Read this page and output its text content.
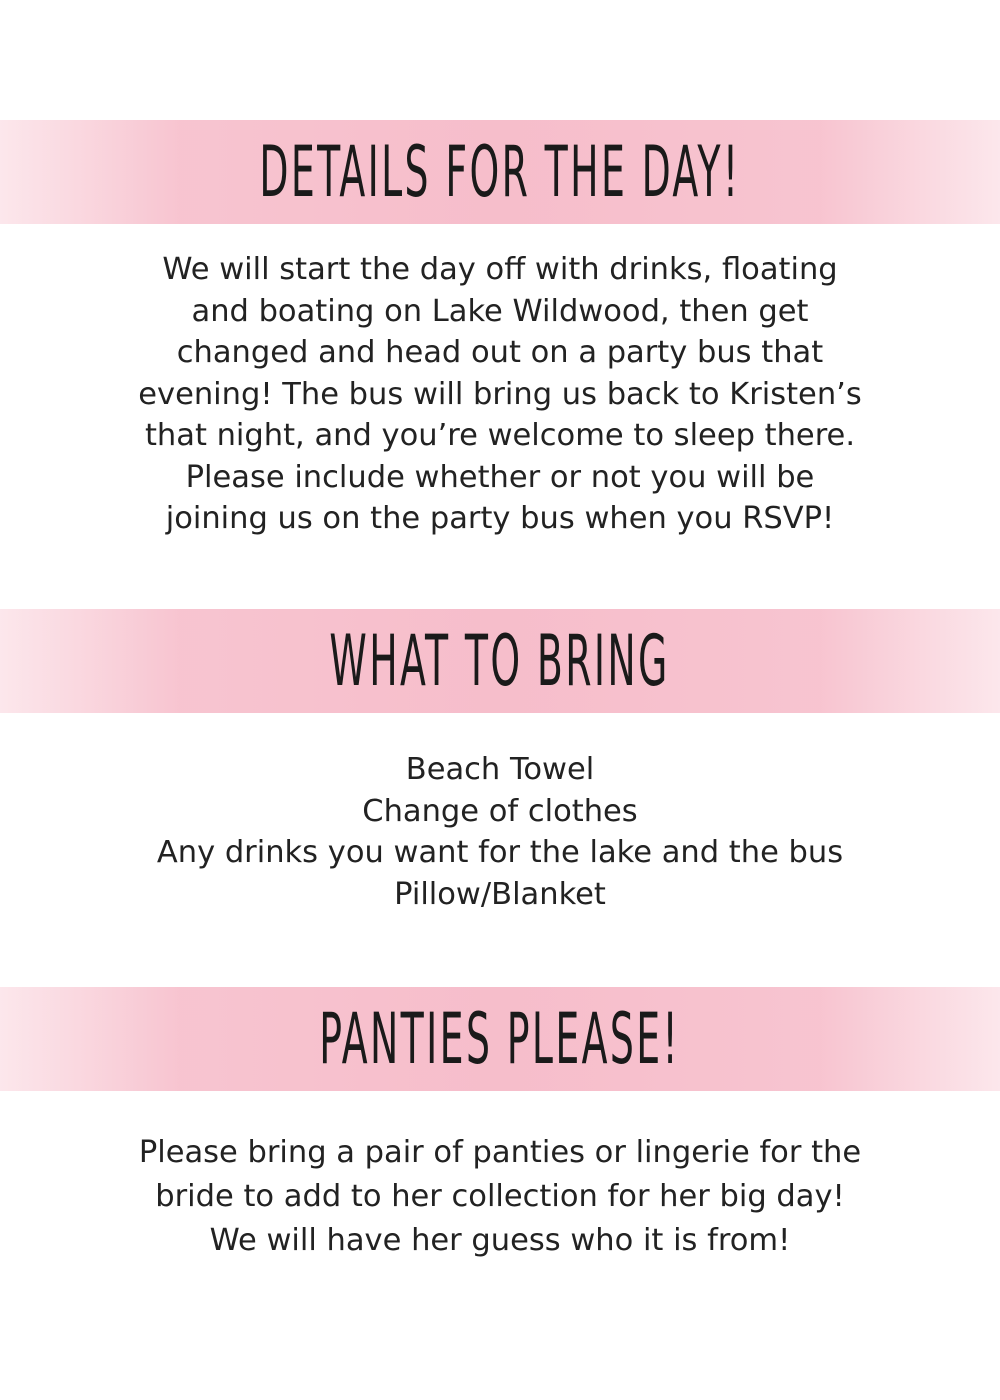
DETAILS FOR THE DAY!
We will start the day off with drinks, floating
and boating on Lake Wildwood, then get
changed and head out on a party bus that
evening! The bus will bring us back to Kristen’s
that night, and you’re welcome to sleep there.
Please include whether or not you will be
joining us on the party bus when you RSVP!
WHAT TO BRING
Beach Towel
Change of clothes
Any drinks you want for the lake and the bus
Pillow/Blanket
PANTIES PLEASE!
Please bring a pair of panties or lingerie for the
bride to add to her collection for her big day!
We will have her guess who it is from!
